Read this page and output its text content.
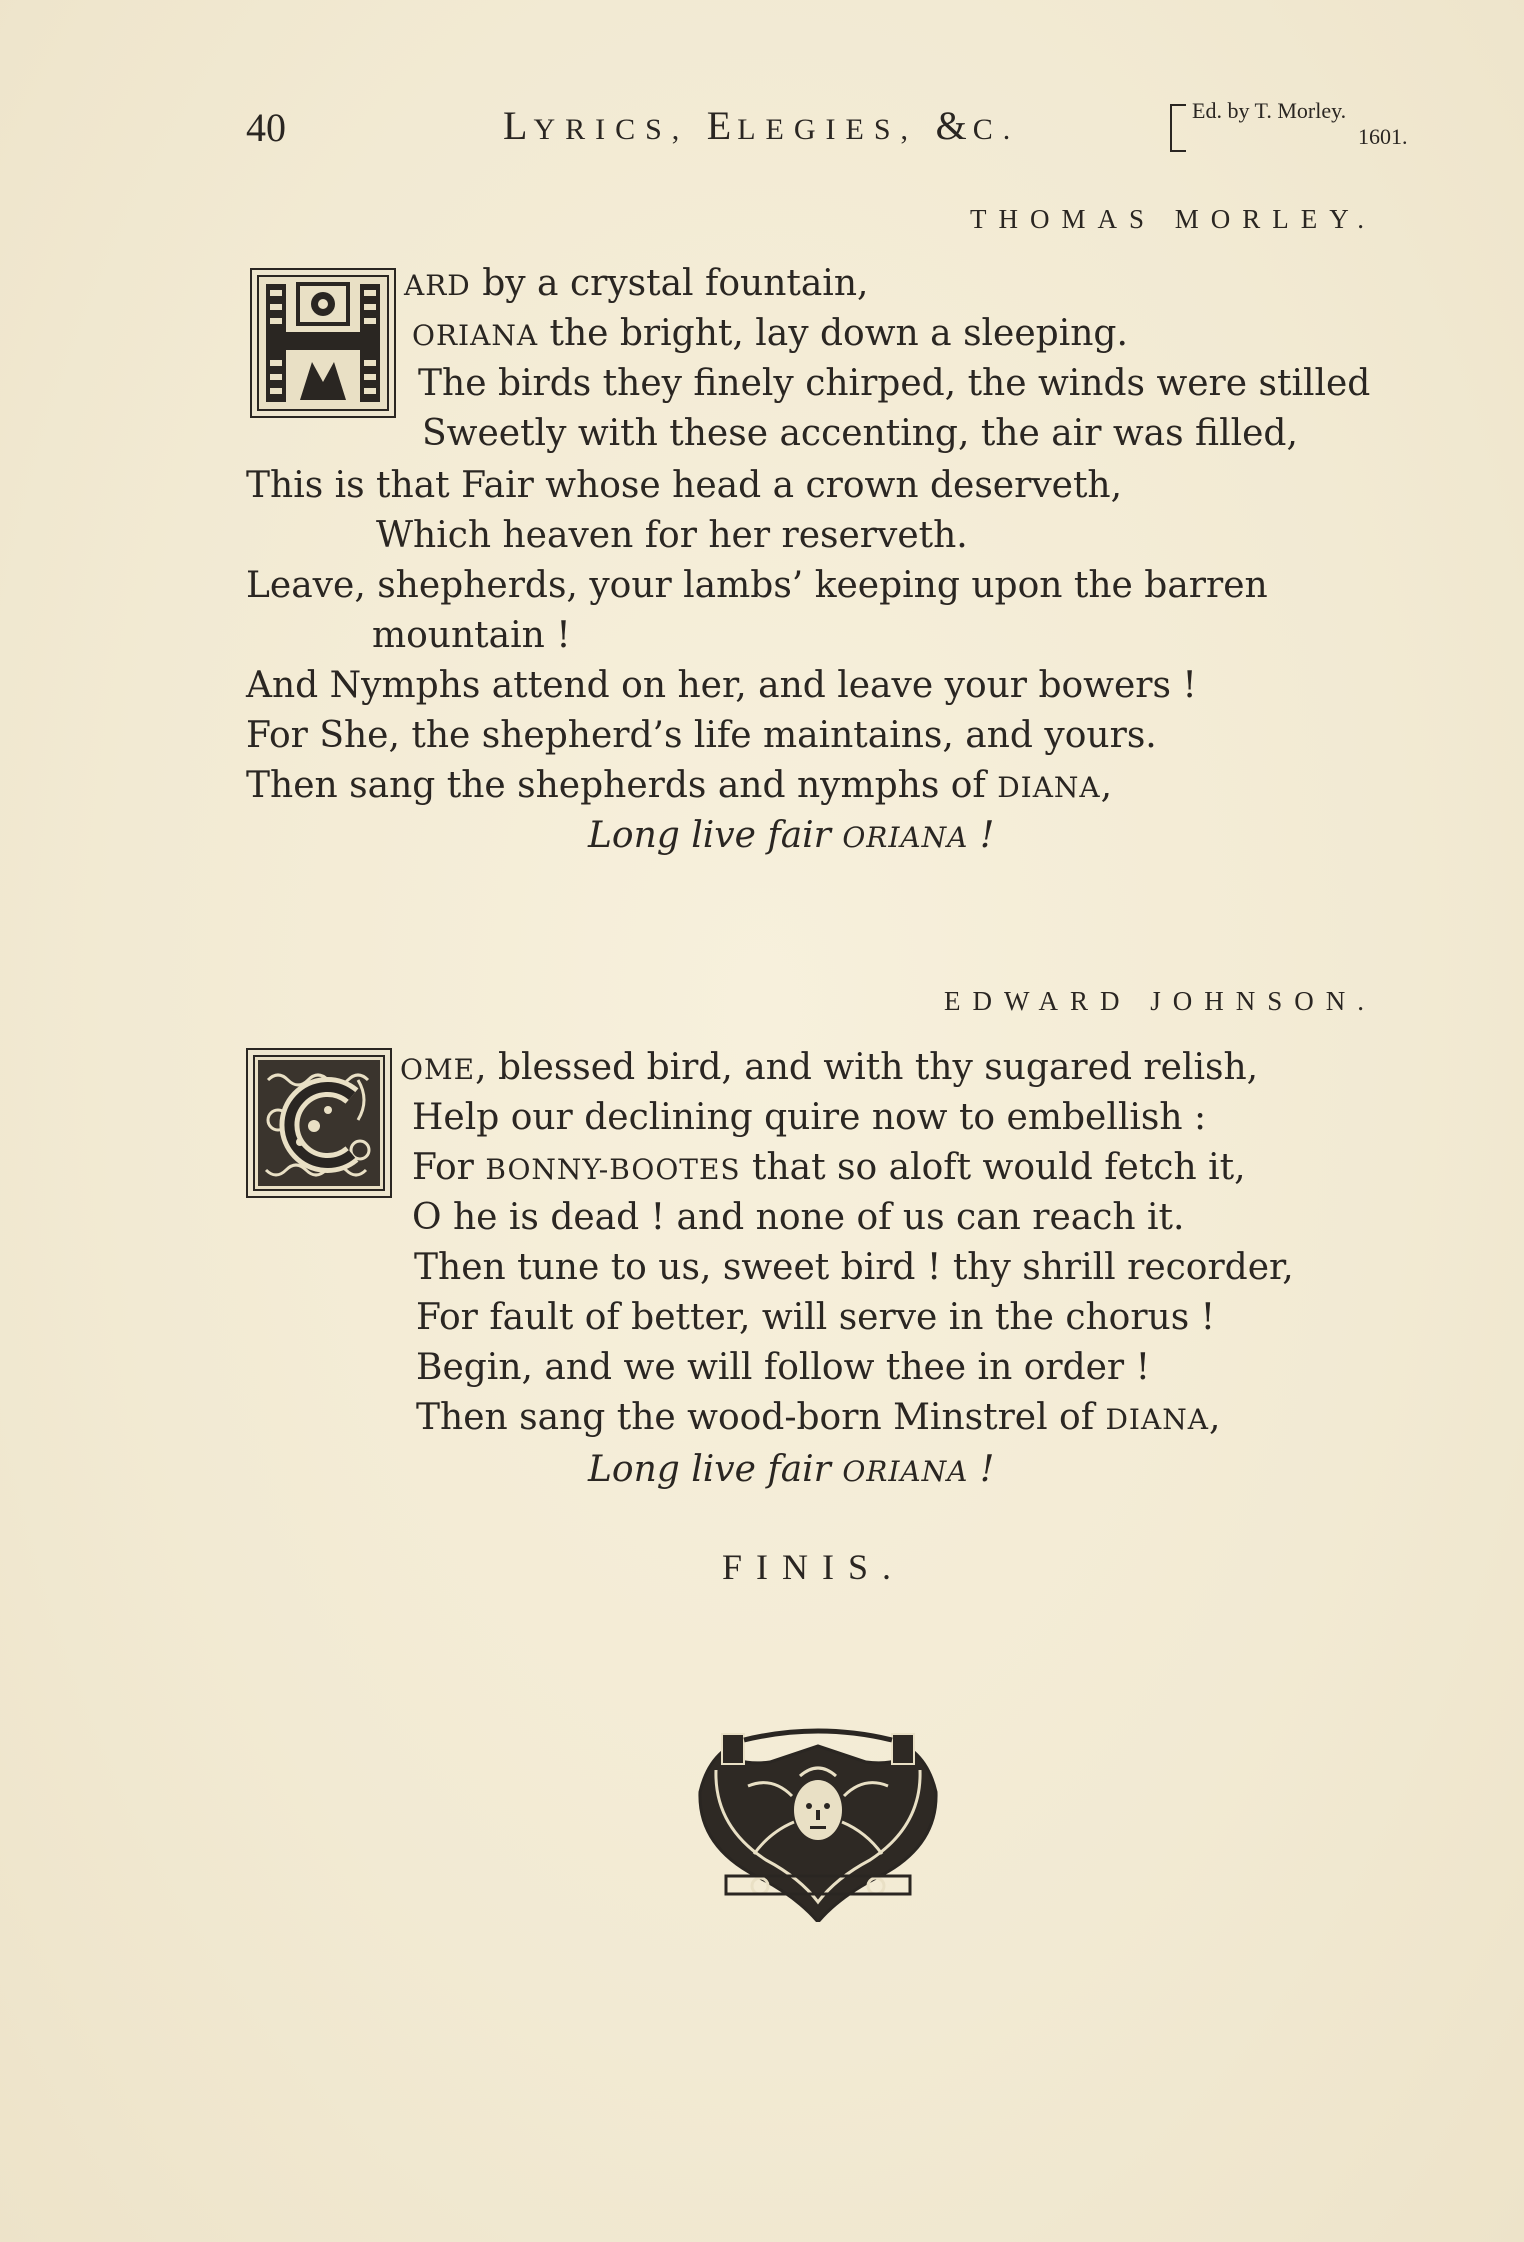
40	LYRICS, ELEGIES, &C.
Ed. by T. Morley.
1601.
THOMAS MORLEY.
ARD by a crystal fountain,
ORIANA the bright, lay down a sleeping.
The birds they finely chirped, the winds were stilled
Sweetly with these accenting, the air was filled,
This is that Fair whose head a crown deserveth,
Which heaven for her reserveth.
Leave, shepherds, your lambs’ keeping upon the barren
mountain !
And Nymphs attend on her, and leave your bowers !
For She, the shepherd’s life maintains, and yours.
Then sang the shepherds and nymphs of DIANA,
Long live fair ORIANA !
EDWARD JOHNSON.
OME, blessed bird, and with thy sugared relish,
Help our declining quire now to embellish :
For BONNY-BOOTES that so aloft would fetch it,
O he is dead ! and none of us can reach it.
Then tune to us, sweet bird ! thy shrill recorder,
For fault of better, will serve in the chorus !
Begin, and we will follow thee in order !
Then sang the wood-born Minstrel of DIANA,
Long live fair ORIANA !
FINIS.
